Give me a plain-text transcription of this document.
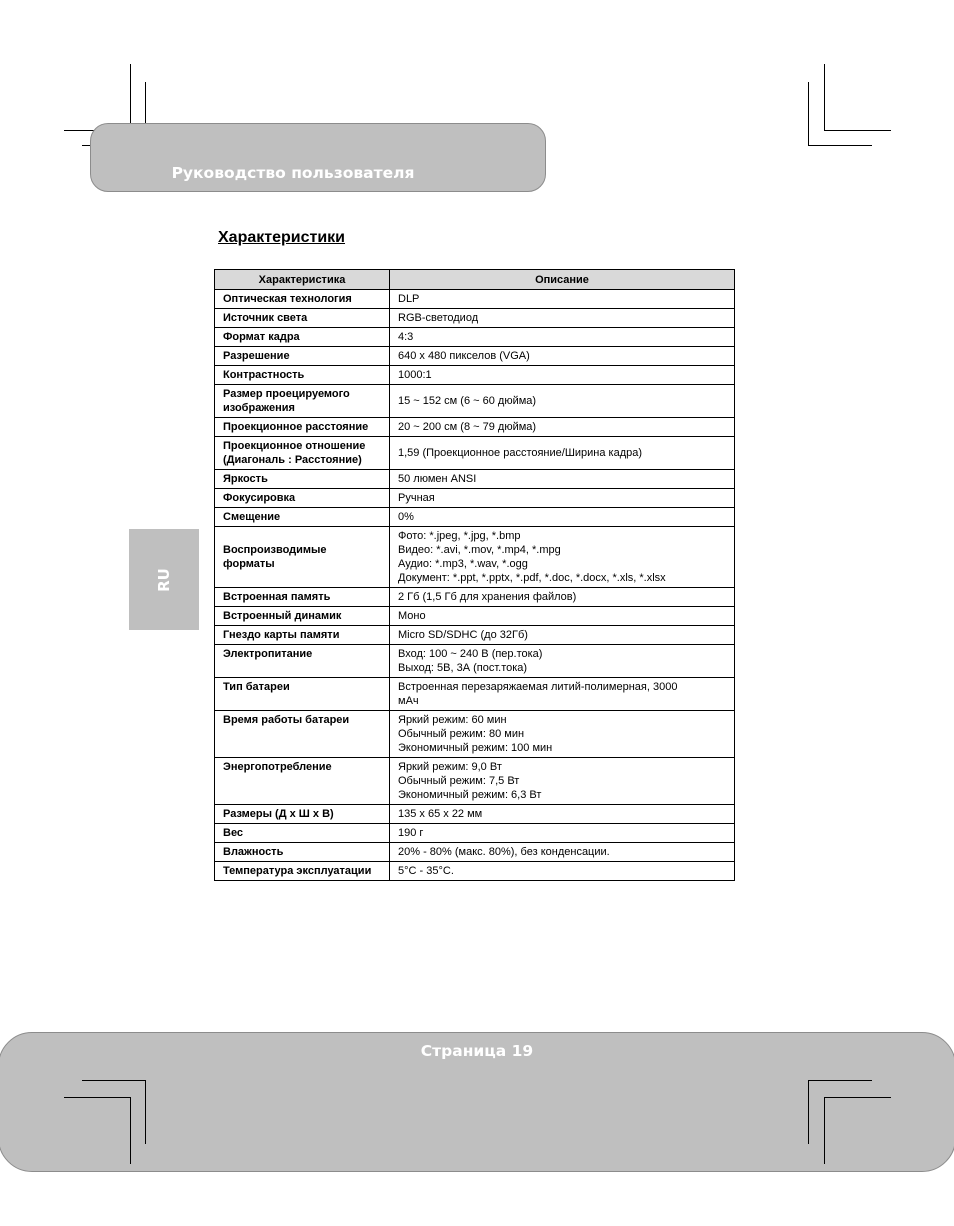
Руководство пользователя
Характеристики
RU
Характеристика	Описание
Оптическая технология	DLP
Источник света	RGB-светодиод
Формат кадра	4:3
Разрешение	640 x 480 пикселов (VGA)
Контрастность	1000:1
Размер проецируемого
изображения	15 ~ 152 см (6 ~ 60 дюйма)
Проекционное расстояние	20 ~ 200 см (8 ~ 79 дюйма)
Проекционное отношение
(Диагональ : Расстояние)	1,59 (Проекционное расстояние/Ширина кадра)
Яркость	50 люмен ANSI
Фокусировка	Ручная
Смещение	0%
Воспроизводимые
форматы	Фото: *.jpeg, *.jpg, *.bmp
Видео: *.avi, *.mov, *.mp4, *.mpg
Аудио: *.mp3, *.wav, *.ogg
Документ: *.ppt, *.pptx, *.pdf, *.doc, *.docx, *.xls, *.xlsx
Встроенная память	2 Гб (1,5 Гб для хранения файлов)
Встроенный динамик	Моно
Гнездо карты памяти	Micro SD/SDHC (до 32Гб)
Электропитание	Вход: 100 ~ 240 В (пер.тока)
Выход: 5В, 3А (пост.тока)
Тип батареи	Встроенная перезаряжаемая литий-полимерная, 3000
мАч
Время работы батареи	Яркий режим: 60 мин
Обычный режим: 80 мин
Экономичный режим: 100 мин
Энергопотребление	Яркий режим: 9,0 Вт
Обычный режим: 7,5 Вт
Экономичный режим: 6,3 Вт
Размеры (Д x Ш x В)	135 x 65 x 22 мм
Вес	190 г
Влажность	20% - 80% (макс. 80%), без конденсации.
Температура эксплуатации	5°C - 35°C.
Страница 19
